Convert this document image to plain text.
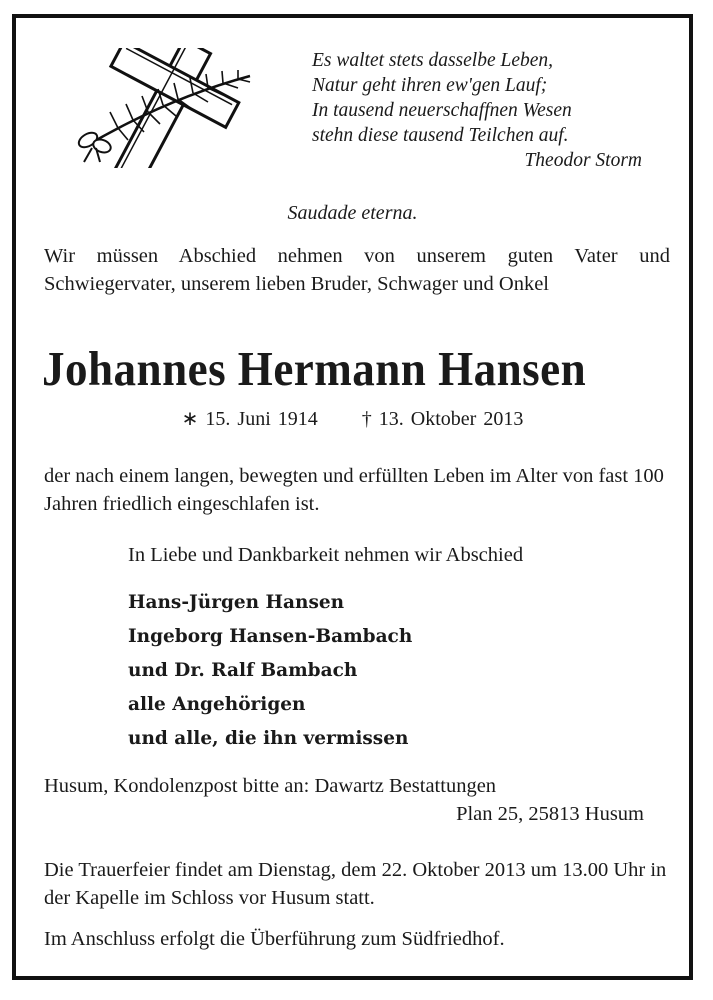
Es waltet stets dasselbe Leben,
Natur geht ihren ew'gen Lauf;
In tausend neuerschaffnen Wesen
stehn diese tausend Teilchen auf.
Theodor Storm
Saudade eterna.
Wir müssen Abschied nehmen von unserem guten Vater und Schwiegervater, unserem lieben Bruder, Schwager und Onkel
Johannes Hermann Hansen
∗ 15. Juni 1914 † 13. Oktober 2013
der nach einem langen, bewegten und erfüllten Leben im Alter von fast 100 Jahren friedlich eingeschlafen ist.
In Liebe und Dankbarkeit nehmen wir Abschied
Hans-Jürgen Hansen
Ingeborg Hansen-Bambach
und Dr. Ralf Bambach
alle Angehörigen
und alle, die ihn vermissen
Husum, Kondolenzpost bitte an: Dawartz Bestattungen
Plan 25, 25813 Husum
Die Trauerfeier findet am Dienstag, dem 22. Oktober 2013 um 13.00 Uhr in der Kapelle im Schloss vor Husum statt.
Im Anschluss erfolgt die Überführung zum Südfriedhof.
